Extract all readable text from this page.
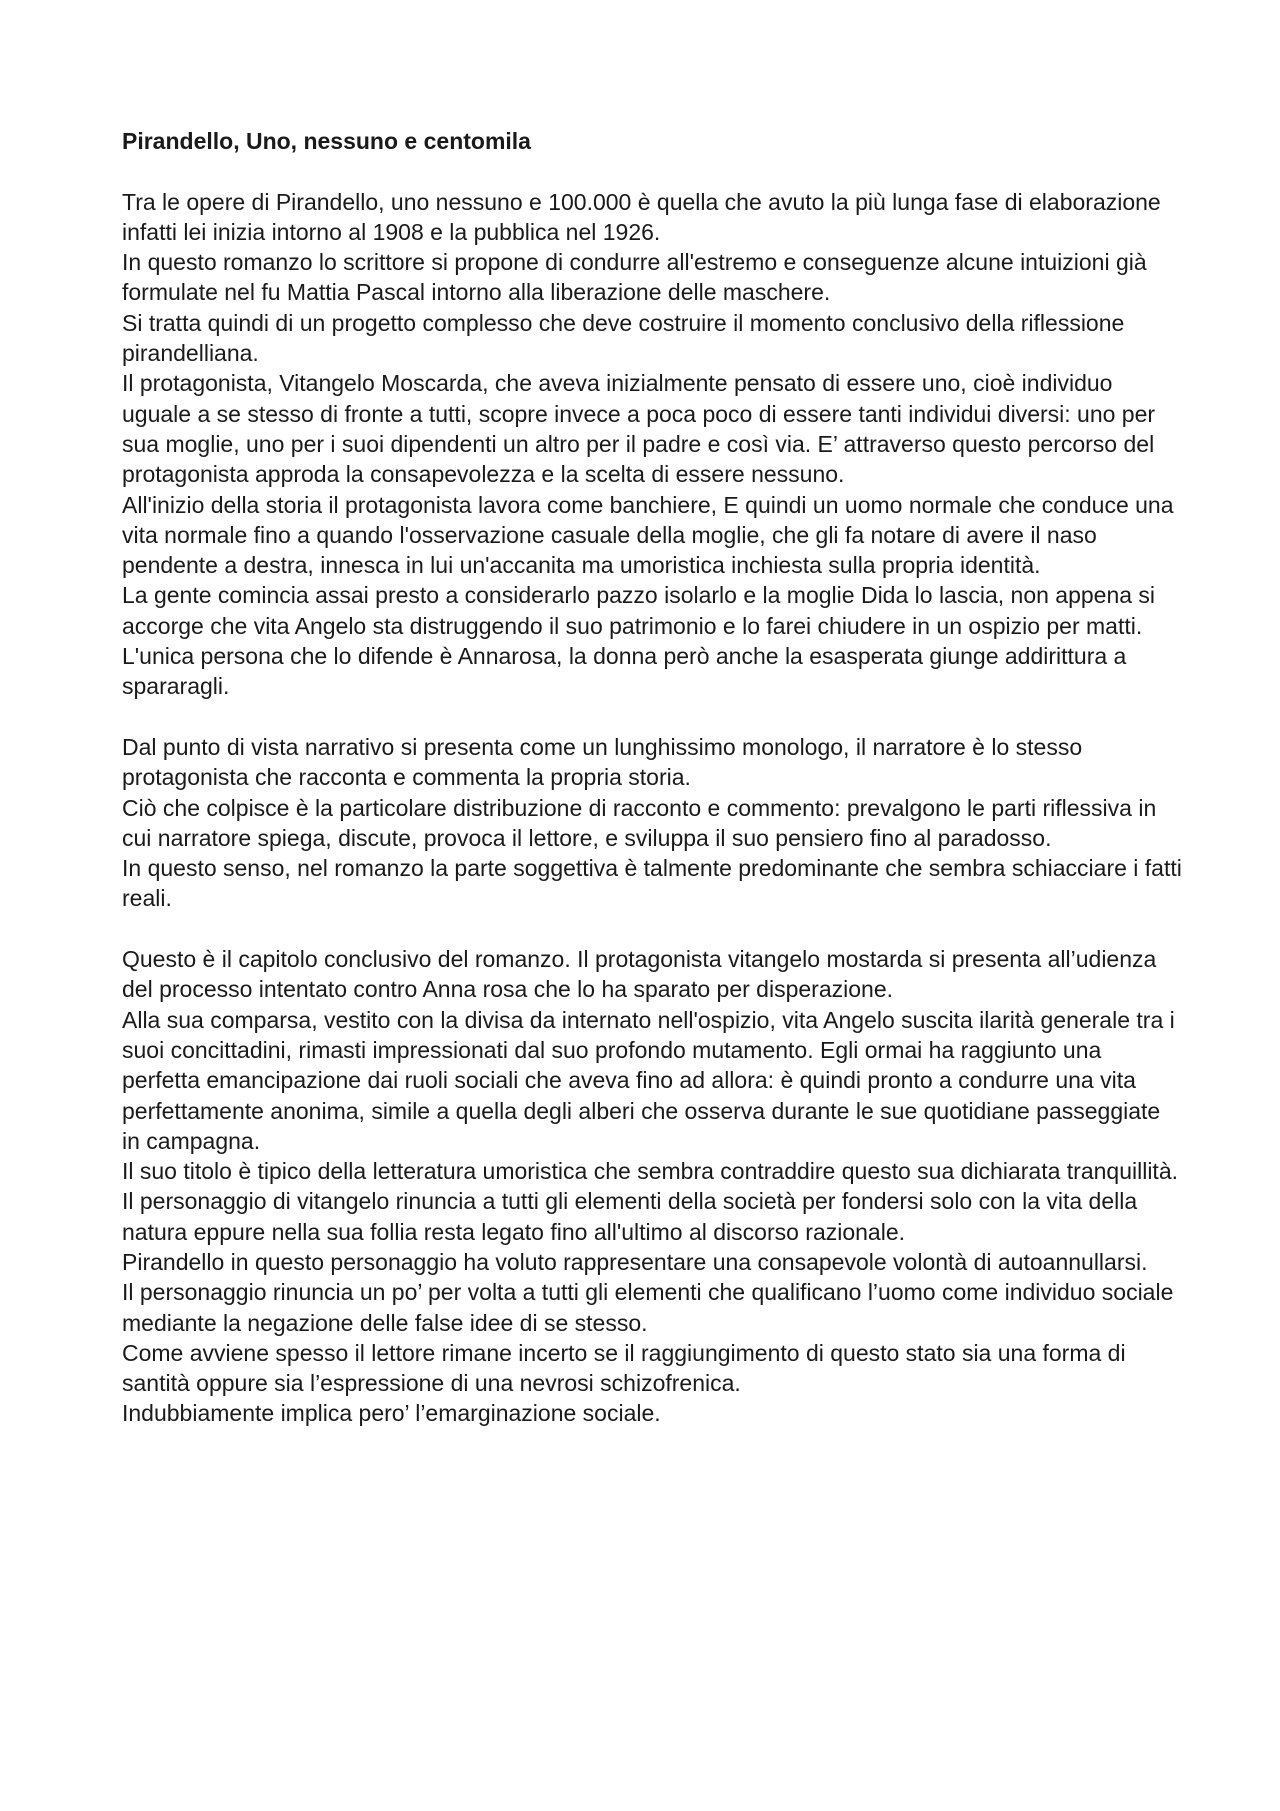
Pirandello, Uno, nessuno e centomila

Tra le opere di Pirandello, uno nessuno e 100.000 è quella che avuto la più lunga fase di elaborazione infatti lei inizia intorno al 1908 e la pubblica nel 1926.

In questo romanzo lo scrittore si propone di condurre all'estremo e conseguenze alcune intuizioni già formulate nel fu Mattia Pascal intorno alla liberazione delle maschere.

Si tratta quindi di un progetto complesso che deve costruire il momento conclusivo della riflessione pirandelliana.

Il protagonista, Vitangelo Moscarda, che aveva inizialmente pensato di essere uno, cioè individuo uguale a se stesso di fronte a tutti, scopre invece a poca poco di essere tanti individui diversi: uno per sua moglie, uno per i suoi dipendenti un altro per il padre e così via. E’ attraverso questo percorso del protagonista approda la consapevolezza e la scelta di essere nessuno.

All'inizio della storia il protagonista lavora come banchiere, E quindi un uomo normale che conduce una vita normale fino a quando l'osservazione casuale della moglie, che gli fa notare di avere il naso pendente a destra, innesca in lui un'accanita ma umoristica inchiesta sulla propria identità.

La gente comincia assai presto a considerarlo pazzo isolarlo e la moglie Dida lo lascia, non appena si accorge che vita Angelo sta distruggendo il suo patrimonio e lo farei chiudere in un ospizio per matti.

L'unica persona che lo difende è Annarosa, la donna però anche la esasperata giunge addirittura a spararagli.

Dal punto di vista narrativo si presenta come un lunghissimo monologo, il narratore è lo stesso protagonista che racconta e commenta la propria storia.

Ciò che colpisce è la particolare distribuzione di racconto e commento: prevalgono le parti riflessiva in cui narratore spiega, discute, provoca il lettore, e sviluppa il suo pensiero fino al paradosso.

In questo senso, nel romanzo la parte soggettiva è talmente predominante che sembra schiacciare i fatti reali.

Questo è il capitolo conclusivo del romanzo. Il protagonista vitangelo mostarda si presenta all’udienza del processo intentato contro Anna rosa che lo ha sparato per disperazione.

Alla sua comparsa, vestito con la divisa da internato nell'ospizio, vita Angelo suscita ilarità generale tra i suoi concittadini, rimasti impressionati dal suo profondo mutamento. Egli ormai ha raggiunto una perfetta emancipazione dai ruoli sociali che aveva fino ad allora: è quindi pronto a condurre una vita perfettamente anonima, simile a quella degli alberi che osserva durante le sue quotidiane passeggiate in campagna.

Il suo titolo è tipico della letteratura umoristica che sembra contraddire questo sua dichiarata tranquillità.

Il personaggio di vitangelo rinuncia a tutti gli elementi della società per fondersi solo con la vita della natura eppure nella sua follia resta legato fino all'ultimo al discorso razionale.

Pirandello in questo personaggio ha voluto rappresentare una consapevole volontà di autoannullarsi.

Il personaggio rinuncia un po’ per volta a tutti gli elementi che qualificano l’uomo come individuo sociale mediante la negazione delle false idee di se stesso.

Come avviene spesso il lettore rimane incerto se il raggiungimento di questo stato sia una forma di santità oppure sia l’espressione di una nevrosi schizofrenica.

Indubbiamente implica pero’ l’emarginazione sociale.
